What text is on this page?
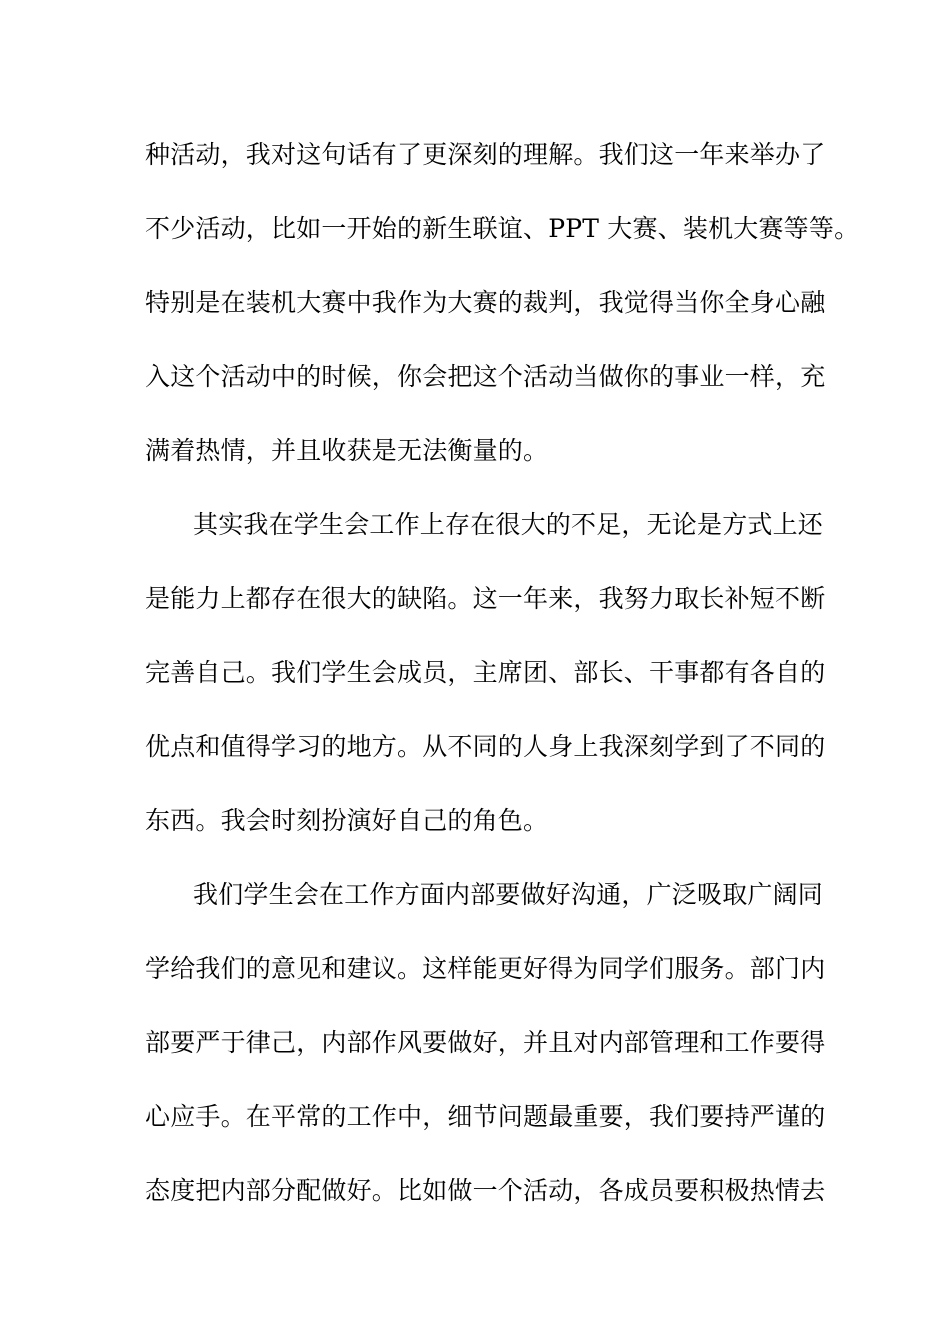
种活动，我对这句话有了更深刻的理解。我们这一年来举办了
不少活动，比如一开始的新生联谊、PPT 大赛、装机大赛等等。
特别是在装机大赛中我作为大赛的裁判，我觉得当你全身心融
入这个活动中的时候，你会把这个活动当做你的事业一样，充
满着热情，并且收获是无法衡量的。
其实我在学生会工作上存在很大的不足，无论是方式上还
是能力上都存在很大的缺陷。这一年来，我努力取长补短不断
完善自己。我们学生会成员，主席团、部长、干事都有各自的
优点和值得学习的地方。从不同的人身上我深刻学到了不同的
东西。我会时刻扮演好自己的角色。
我们学生会在工作方面内部要做好沟通，广泛吸取广阔同
学给我们的意见和建议。这样能更好得为同学们服务。部门内
部要严于律己，内部作风要做好，并且对内部管理和工作要得
心应手。在平常的工作中，细节问题最重要，我们要持严谨的
态度把内部分配做好。比如做一个活动，各成员要积极热情去
